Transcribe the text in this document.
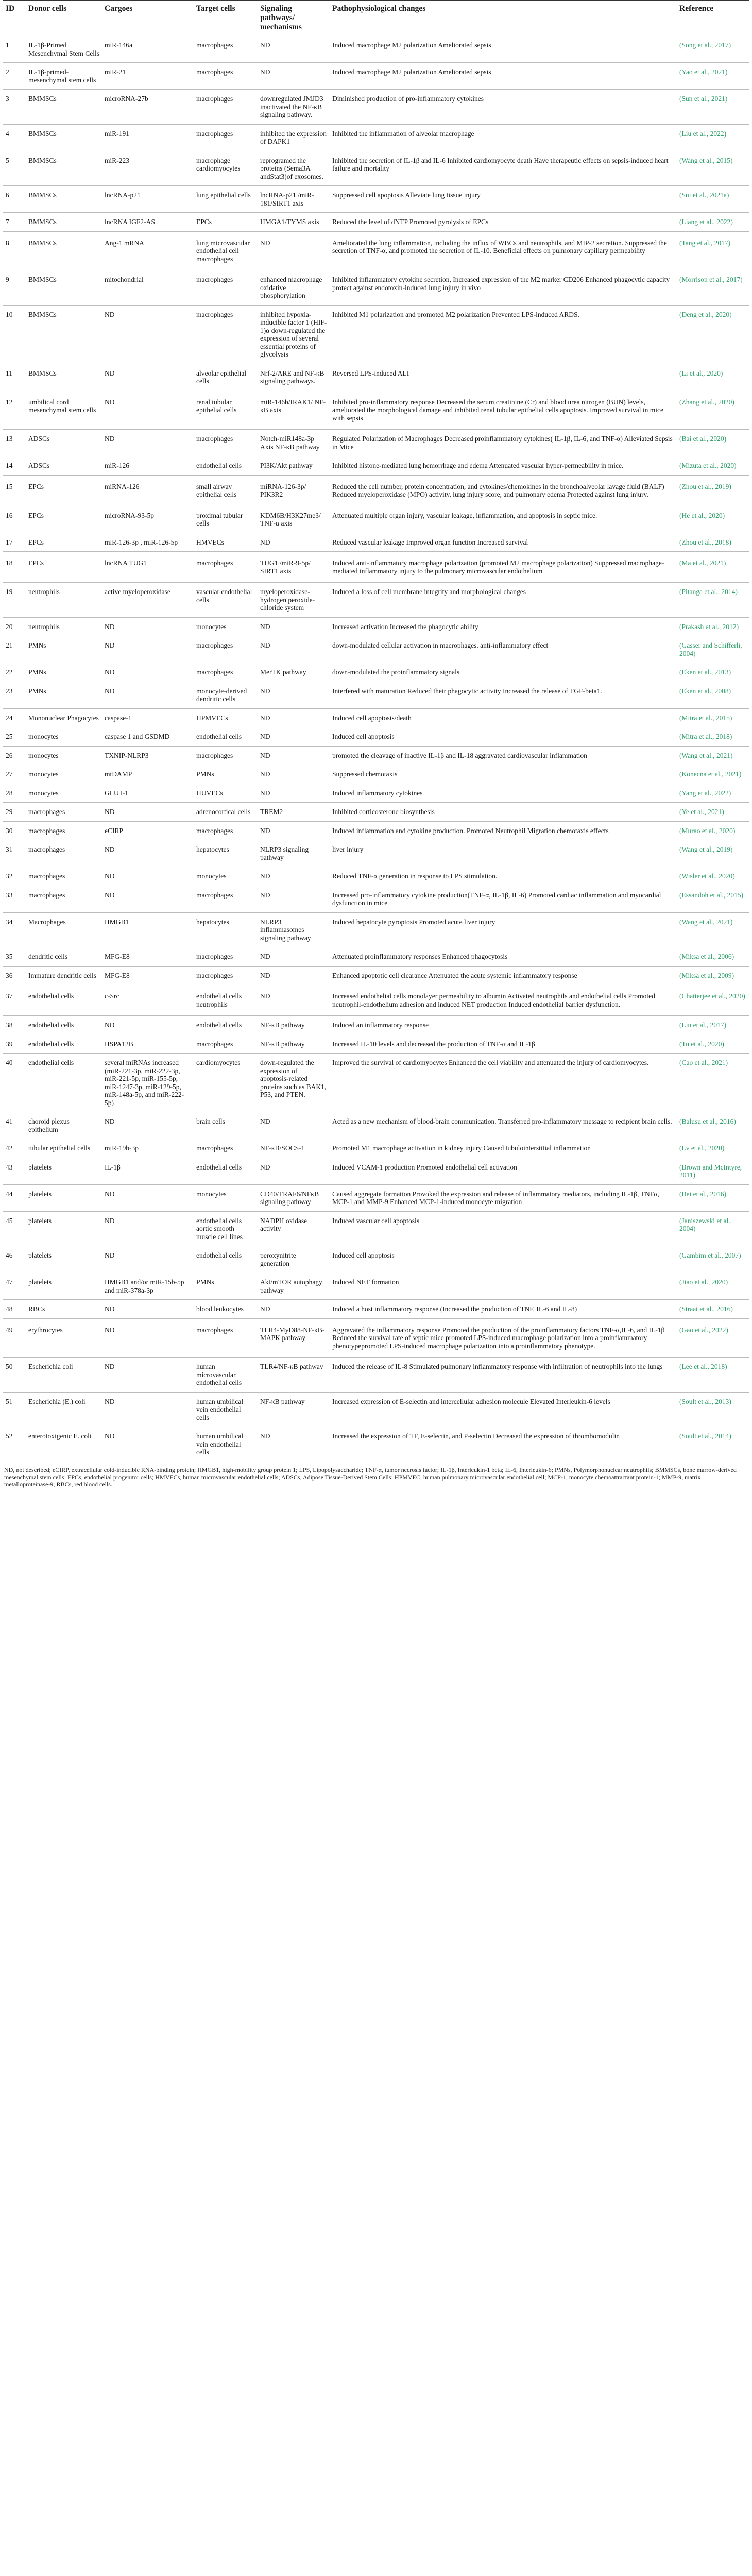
ID	Donor cells	Cargoes	Target cells	Signaling pathways/ mechanisms	Pathophysiological changes	Reference
1	IL-1β-Primed Mesenchymal Stem Cells	miR-146a	macrophages	ND	Induced macrophage M2 polarization Ameliorated sepsis	(Song et al., 2017)
2	IL-1β-primed-mesenchymal stem cells	miR-21	macrophages	ND	Induced macrophage M2 polarization Ameliorated sepsis	(Yao et al., 2021)
3	BMMSCs	microRNA-27b	macrophages	downregulated JMJD3 inactivated the NF-κB signaling pathway.	Diminished production of pro-inflammatory cytokines	(Sun et al., 2021)
4	BMMSCs	miR-191	macrophages	inhibited the expression of DAPK1	Inhibited the inflammation of alveolar macrophage	(Liu et al., 2022)
5	BMMSCs	miR-223	macrophage cardiomyocytes	reprogramed the proteins (Sema3A andStat3)of exosomes.	Inhibited the secretion of IL-1β and IL-6 Inhibited cardiomyocyte death Have therapeutic effects on sepsis-induced heart failure and mortality	(Wang et al., 2015)
6	BMMSCs	lncRNA-p21	lung epithelial cells	lncRNA-p21 /miR-181/SIRT1 axis	Suppressed cell apoptosis Alleviate lung tissue injury	(Sui et al., 2021a)
7	BMMSCs	lncRNA IGF2-AS	EPCs	HMGA1/TYMS axis	Reduced the level of dNTP Promoted pyrolysis of EPCs	(Liang et al., 2022)
8	BMMSCs	Ang-1 mRNA	lung microvascular endothelial cell macrophages	ND	Ameliorated the lung inflammation, including the influx of WBCs and neutrophils, and MIP-2 secretion. Suppressed the secretion of TNF-α, and promoted the secretion of IL-10. Beneficial effects on pulmonary capillary permeability	(Tang et al., 2017)
9	BMMSCs	mitochondrial	macrophages	enhanced macrophage oxidative phosphorylation	Inhibited inflammatory cytokine secretion, Increased expression of the M2 marker CD206 Enhanced phagocytic capacity protect against endotoxin-induced lung injury in vivo	(Morrison et al., 2017)
10	BMMSCs	ND	macrophages	inhibited hypoxia-inducible factor 1 (HIF-1)α down-regulated the expression of several essential proteins of glycolysis	Inhibited M1 polarization and promoted M2 polarization Prevented LPS-induced ARDS.	(Deng et al., 2020)
11	BMMSCs	ND	alveolar epithelial cells	Nrf-2/ARE and NF-κB signaling pathways.	Reversed LPS-induced ALI	(Li et al., 2020)
12	umbilical cord mesenchymal stem cells	ND	renal tubular epithelial cells	miR-146b/IRAK1/ NF-κB axis	Inhibited pro-inflammatory response Decreased the serum creatinine (Cr) and blood urea nitrogen (BUN) levels, ameliorated the morphological damage and inhibited renal tubular epithelial cells apoptosis. Improved survival in mice with sepsis	(Zhang et al., 2020)
13	ADSCs	ND	macrophages	Notch-miR148a-3p Axis NF-κB pathway	Regulated Polarization of Macrophages Decreased proinflammatory cytokines( IL-1β, IL-6, and TNF-α) Alleviated Sepsis in Mice	(Bai et al., 2020)
14	ADSCs	miR-126	endothelial cells	PI3K/Akt pathway	Inhibited histone-mediated lung hemorrhage and edema Attenuated vascular hyper-permeability in mice.	(Mizuta et al., 2020)
15	EPCs	miRNA-126	small airway epithelial cells	miRNA-126-3p/ PIK3R2	Reduced the cell number, protein concentration, and cytokines/chemokines in the bronchoalveolar lavage fluid (BALF) Reduced myeloperoxidase (MPO) activity, lung injury score, and pulmonary edema Protected against lung injury.	(Zhou et al., 2019)
16	EPCs	microRNA-93-5p	proximal tubular cells	KDM6B/H3K27me3/ TNF-α axis	Attenuated multiple organ injury, vascular leakage, inflammation, and apoptosis in septic mice.	(He et al., 2020)
17	EPCs	miR-126-3p , miR-126-5p	HMVECs	ND	Reduced vascular leakage Improved organ function Increased survival	(Zhou et al., 2018)
18	EPCs	lncRNA TUG1	macrophages	TUG1 /miR-9-5p/ SIRT1 axis	Induced anti-inflammatory macrophage polarization (promoted M2 macrophage polarization) Suppressed macrophage-mediated inflammatory injury to the pulmonary microvascular endothelium	(Ma et al., 2021)
19	neutrophils	active myeloperoxidase	vascular endothelial cells	myeloperoxidase-hydrogen peroxide-chloride system	Induced a loss of cell membrane integrity and morphological changes	(Pitanga et al., 2014)
20	neutrophils	ND	monocytes	ND	Increased activation Increased the phagocytic ability	(Prakash et al., 2012)
21	PMNs	ND	macrophages	ND	down-modulated cellular activation in macrophages. anti-inflammatory effect	(Gasser and Schifferli, 2004)
22	PMNs	ND	macrophages	MerTK pathway	down-modulated the proinflammatory signals	(Eken et al., 2013)
23	PMNs	ND	monocyte-derived dendritic cells	ND	Interfered with maturation Reduced their phagocytic activity Increased the release of TGF-beta1.	(Eken et al., 2008)
24	Mononuclear Phagocytes	caspase-1	HPMVECs	ND	Induced cell apoptosis/death	(Mitra et al., 2015)
25	monocytes	caspase 1 and GSDMD	endothelial cells	ND	Induced cell apoptosis	(Mitra et al., 2018)
26	monocytes	TXNIP-NLRP3	macrophages	ND	promoted the cleavage of inactive IL-1β and IL-18 aggravated cardiovascular inflammation	(Wang et al., 2021)
27	monocytes	mtDAMP	PMNs	ND	Suppressed chemotaxis	(Konecna et al., 2021)
28	monocytes	GLUT-1	HUVECs	ND	Induced inflammatory cytokines	(Yang et al., 2022)
29	macrophages	ND	adrenocortical cells	TREM2	Inhibited corticosterone biosynthesis	(Ye et al., 2021)
30	macrophages	eCIRP	macrophages	ND	Induced inflammation and cytokine production. Promoted Neutrophil Migration chemotaxis effects	(Murao et al., 2020)
31	macrophages	ND	hepatocytes	NLRP3 signaling pathway	liver injury	(Wang et al., 2019)
32	macrophages	ND	monocytes	ND	Reduced TNF-α generation in response to LPS stimulation.	(Wisler et al., 2020)
33	macrophages	ND	macrophages	ND	Increased pro-inflammatory cytokine production(TNF-α, IL-1β, IL-6) Promoted cardiac inflammation and myocardial dysfunction in mice	(Essandoh et al., 2015)
34	Macrophages	HMGB1	hepatocytes	NLRP3 inflammasomes signaling pathway	Induced hepatocyte pyroptosis Promoted acute liver injury	(Wang et al., 2021)
35	dendritic cells	MFG-E8	macrophages	ND	Attenuated proinflammatory responses Enhanced phagocytosis	(Miksa et al., 2006)
36	Immature dendritic cells	MFG-E8	macrophages	ND	Enhanced apoptotic cell clearance Attenuated the acute systemic inflammatory response	(Miksa et al., 2009)
37	endothelial cells	c-Src	endothelial cells neutrophils	ND	Increased endothelial cells monolayer permeability to albumin Activated neutrophils and endothelial cells Promoted neutrophil-endothelium adhesion and induced NET production Induced endothelial barrier dysfunction.	(Chatterjee et al., 2020)
38	endothelial cells	ND	endothelial cells	NF-κB pathway	Induced an inflammatory response	(Liu et al., 2017)
39	endothelial cells	HSPA12B	macrophages	NF-κB pathway	Increased IL-10 levels and decreased the production of TNF-α and IL-1β	(Tu et al., 2020)
40	endothelial cells	several miRNAs increased (miR-221-3p, miR-222-3p, miR-221-5p, miR-155-5p, miR-1247-3p, miR-129-5p, miR-148a-5p, and miR-222-5p)	cardiomyocytes	down-regulated the expression of apoptosis-related proteins such as BAK1, P53, and PTEN.	Improved the survival of cardiomyocytes Enhanced the cell viability and attenuated the injury of cardiomyocytes.	(Cao et al., 2021)
41	choroid plexus epithelium	ND	brain cells	ND	Acted as a new mechanism of blood-brain communication. Transferred pro-inflammatory message to recipient brain cells.	(Balusu et al., 2016)
42	tubular epithelial cells	miR-19b-3p	macrophages	NF-κB/SOCS-1	Promoted M1 macrophage activation in kidney injury Caused tubulointerstitial inflammation	(Lv et al., 2020)
43	platelets	IL-1β	endothelial cells	ND	Induced VCAM-1 production Promoted endothelial cell activation	(Brown and McIntyre, 2011)
44	platelets	ND	monocytes	CD40/TRAF6/NFκB signaling pathway	Caused aggregate formation Provoked the expression and release of inflammatory mediators, including IL-1β, TNFα, MCP-1 and MMP-9 Enhanced MCP-1-induced monocyte migration	(Bei et al., 2016)
45	platelets	ND	endothelial cells aortic smooth muscle cell lines	NADPH oxidase activity	Induced vascular cell apoptosis	(Janiszewski et al., 2004)
46	platelets	ND	endothelial cells	peroxynitrite generation	Induced cell apoptosis	(Gambim et al., 2007)
47	platelets	HMGB1 and/or miR-15b-5p and miR-378a-3p	PMNs	Akt/mTOR autophagy pathway	Induced NET formation	(Jiao et al., 2020)
48	RBCs	ND	blood leukocytes	ND	Induced a host inflammatory response (Increased the production of TNF, IL-6 and IL-8)	(Straat et al., 2016)
49	erythrocytes	ND	macrophages	TLR4-MyD88-NF-κB-MAPK pathway	Aggravated the inflammatory response Promoted the production of the proinflammatory factors TNF-α,IL-6, and IL-1β Reduced the survival rate of septic mice promoted LPS-induced macrophage polarization into a proinflammatory phenotypepromoted LPS-induced macrophage polarization into a proinflammatory phenotype.	(Gao et al., 2022)
50	Escherichia coli	ND	human microvascular endothelial cells	TLR4/NF-κB pathway	Induced the release of IL-8 Stimulated pulmonary inflammatory response with infiltration of neutrophils into the lungs	(Lee et al., 2018)
51	Escherichia (E.) coli	ND	human umbilical vein endothelial cells	NF-κB pathway	Increased expression of E-selectin and intercellular adhesion molecule Elevated Interleukin-6 levels	(Soult et al., 2013)
52	enterotoxigenic E. coli	ND	human umbilical vein endothelial cells	ND	Increased the expression of TF, E-selectin, and P-selectin Decreased the expression of thrombomodulin	(Soult et al., 2014)
ND, not described; eCIRP, extracellular cold-inducible RNA-binding protein; HMGB1, high-mobility group protein 1; LPS, Lipopolysaccharide; TNF-α, tumor necrosis factor; IL-1β, Interleukin-1 beta; IL-6, Interleukin-6; PMNs, Polymorphonuclear neutrophils; BMMSCs, bone marrow-derived mesenchymal stem cells; EPCs, endothelial progenitor cells; HMVECs, human microvascular endothelial cells; ADSCs, Adipose Tissue-Derived Stem Cells; HPMVEC, human pulmonary microvascular endothelial cell; MCP-1, monocyte chemoattractant protein-1; MMP-9, matrix metalloproteinase-9; RBCs, red blood cells.
